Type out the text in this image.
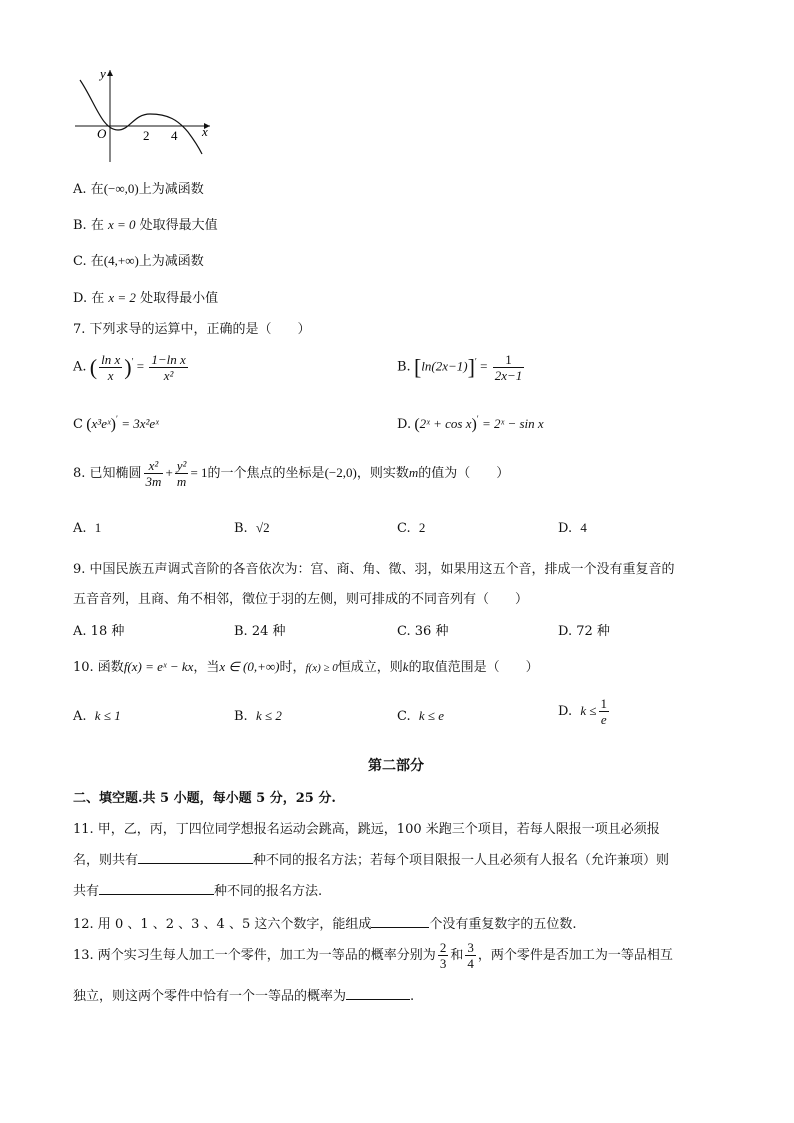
y
x
O	2 4
A. 在(−∞,0)上为减函数
B. 在 x = 0 处取得最大值
C. 在(4,+∞)上为减函数
D. 在 x = 2 处取得最小值
7. 下列求导的运算中，正确的是（　　）
A. ( $\frac{\text{ln x}}{x} )' = \frac{\text{1−ln x}}{\text{x²}}$	B. $[\ln(2x-1)]' = \frac{1}{2x-1}$
C (x³eˣ)′ = 3x²eˣ	D. (2ˣ + cos x)′ = 2ˣ − sin x
8. 已知椭圆 $\frac{\text{x²}}{3m} + \frac{\text{y²}}{m} = 1$的一个焦点的坐标是(−2,0)，则实数m的值为（　　）
A. 1	B. √2	C. 2	D. 4
9. 中国民族五声调式音阶的各音依次为：宫、商、角、徵、羽，如果用这五个音，排成一个没有重复音的
五音音列，且商、角不相邻，徵位于羽的左侧，则可排成的不同音列有（　　）
A. 18 种	B. 24 种	C. 36 种	D. 72 种
10. 函数f(x) = eˣ − kx，当x ∈ (0,+∞)时，f(x) ≥ 0恒成立，则k的取值范围是（　　）
A. k ≤ 1	B. k ≤ 2	C. k ≤ e	D. $k \le \frac{1}{e}$
第二部分
二、填空题.共 5 小题，每小题 5 分，25 分.
11. 甲，乙，丙，丁四位同学想报名运动会跳高，跳远，100 米跑三个项目，若每人限报一项且必须报
名，则共有	种不同的报名方法；若每个项目限报一人且必须有人报名（允许兼项）则
共有	种不同的报名方法.
12. 用 0 、1 、2 、3 、4 、5 这六个数字，能组成	个没有重复数字的五位数.
13. 两个实习生每人加工一个零件，加工为一等品的概率分别为 $\frac{2}{3}$ 和 $\frac{3}{4}$ ，两个零件是否加工为一等品相互
独立，则这两个零件中恰有一个一等品的概率为	.
